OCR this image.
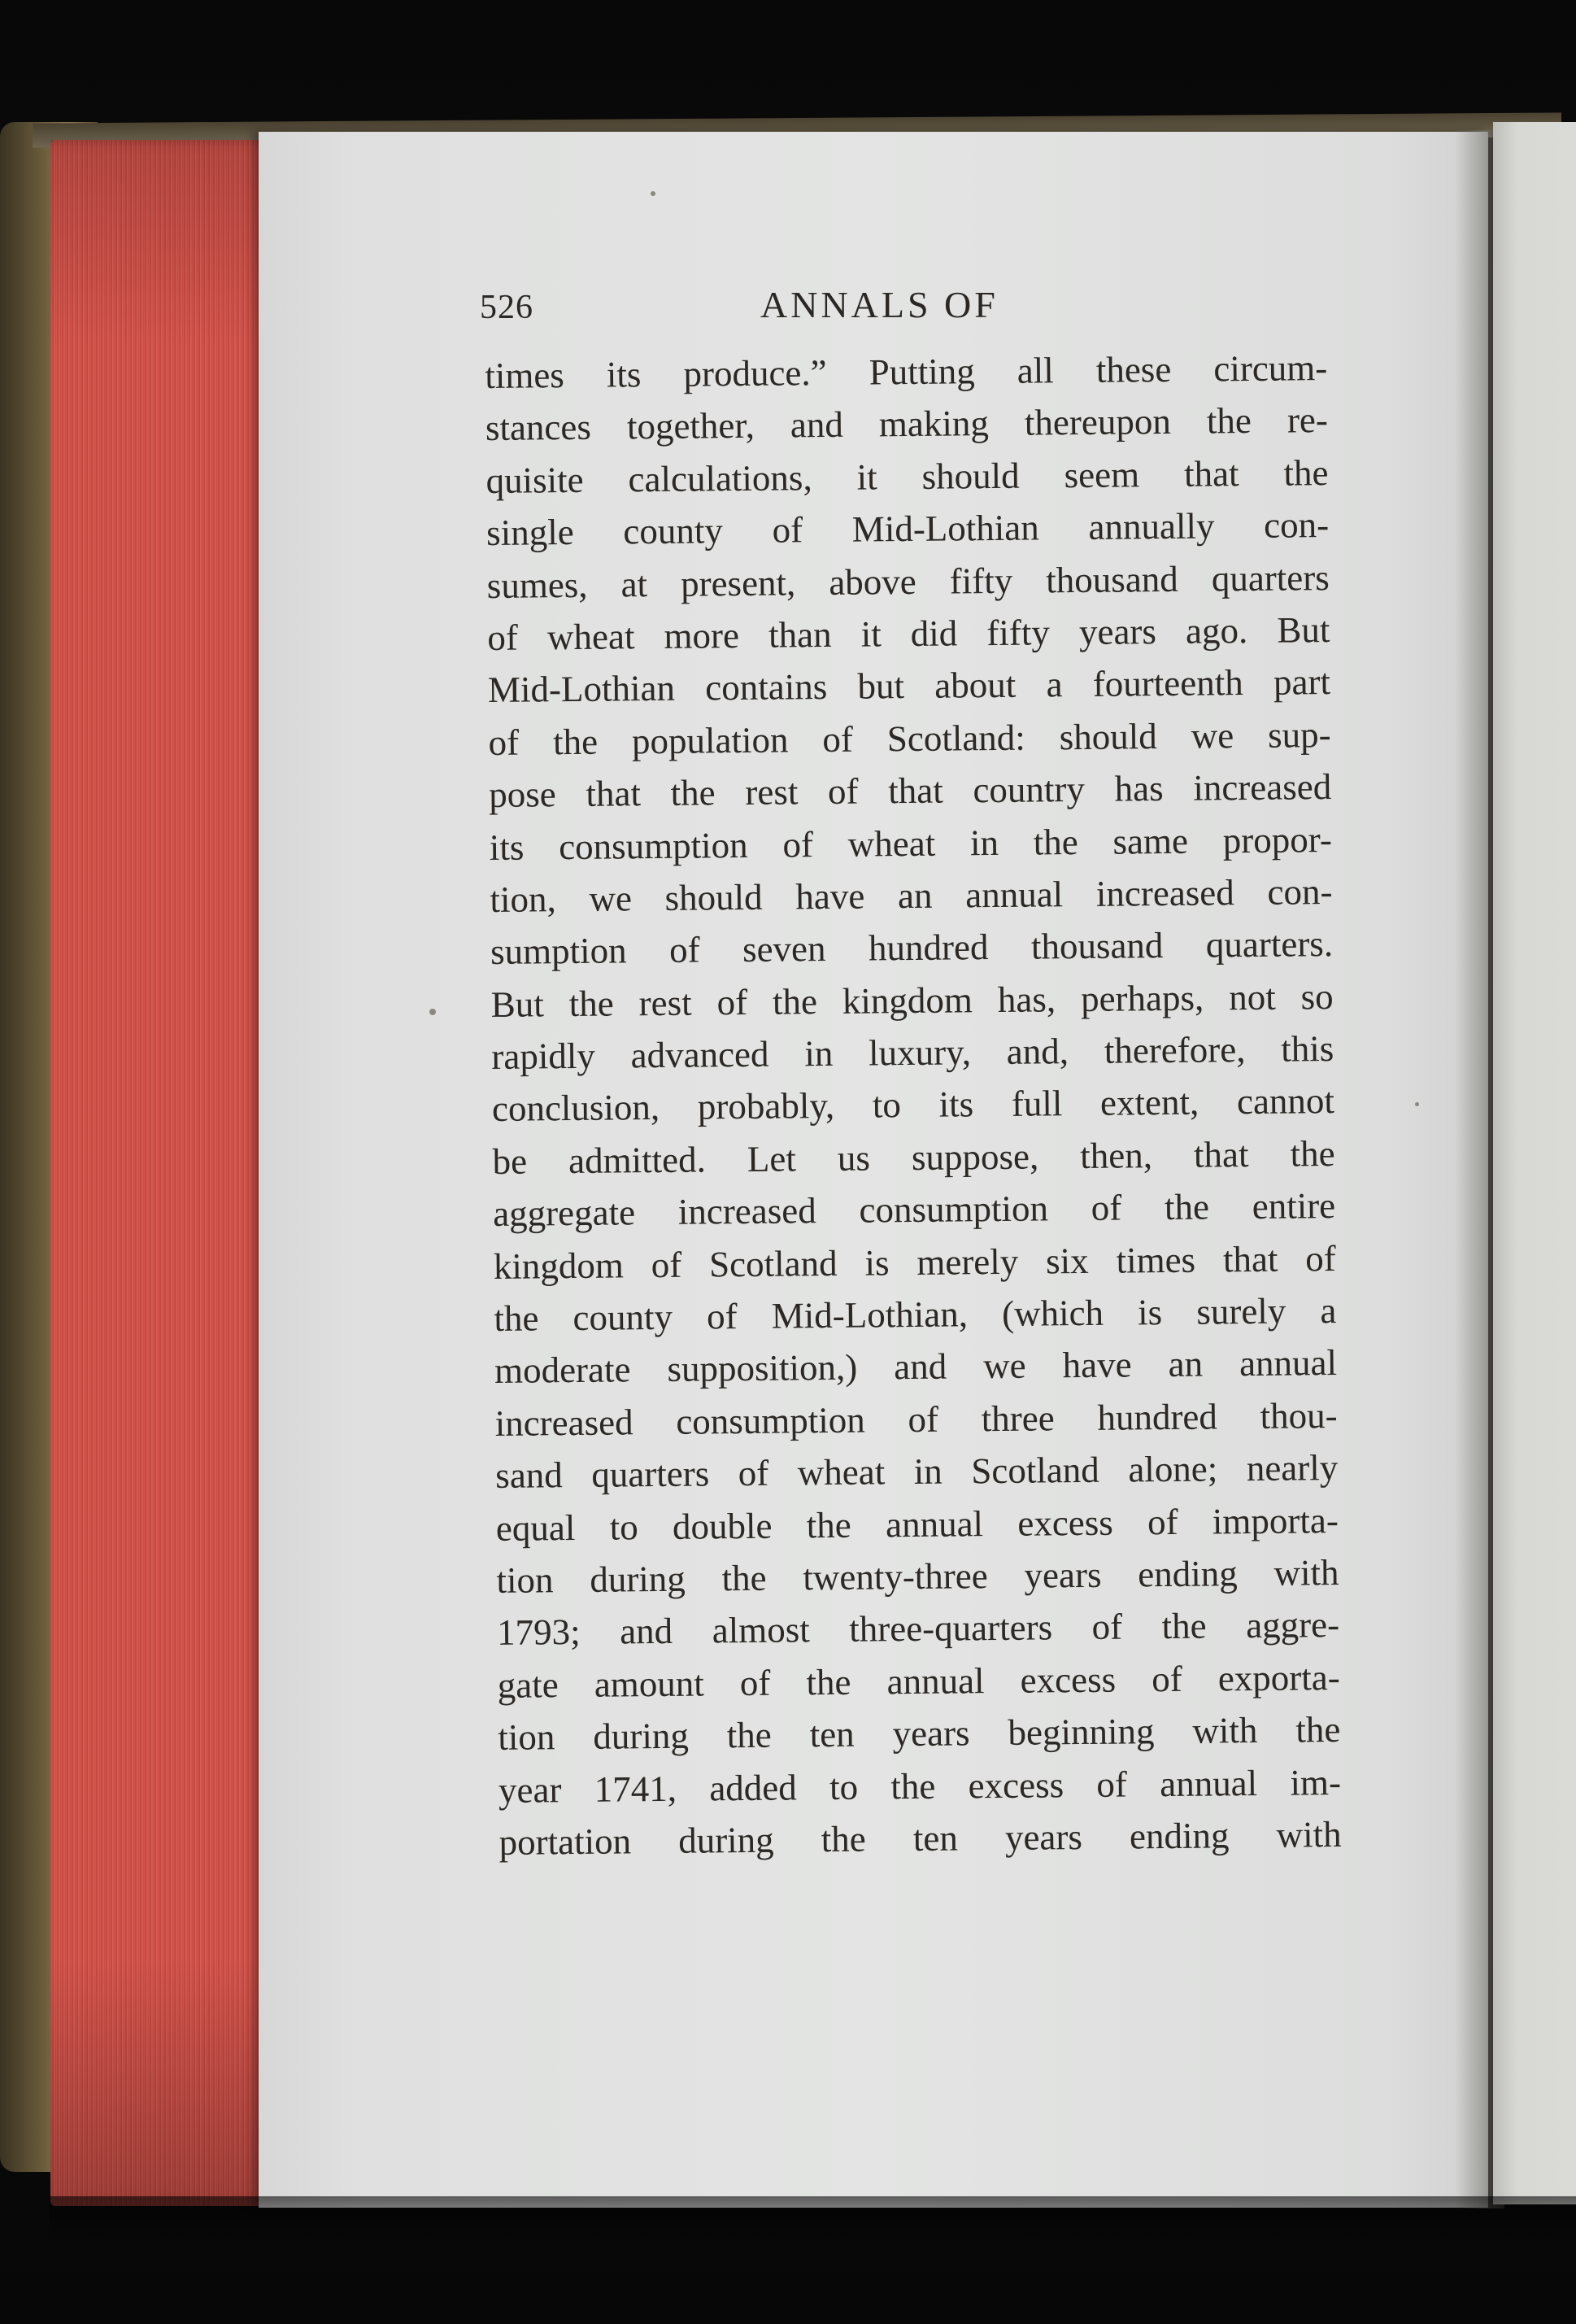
526	ANNALS OF
times its produce.” Putting all these circum-
stances together, and making thereupon the re-
quisite calculations, it should seem that the
single county of Mid-Lothian annually con-
sumes, at present, above fifty thousand quarters
of wheat more than it did fifty years ago. But
Mid-Lothian contains but about a fourteenth part
of the population of Scotland: should we sup-
pose that the rest of that country has increased
its consumption of wheat in the same propor-
tion, we should have an annual increased con-
sumption of seven hundred thousand quarters.
But the rest of the kingdom has, perhaps, not so
rapidly advanced in luxury, and, therefore, this
conclusion, probably, to its full extent, cannot
be admitted. Let us suppose, then, that the
aggregate increased consumption of the entire
kingdom of Scotland is merely six times that of
the county of Mid-Lothian, (which is surely a
moderate supposition,) and we have an annual
increased consumption of three hundred thou-
sand quarters of wheat in Scotland alone; nearly
equal to double the annual excess of importa-
tion during the twenty-three years ending with
1793; and almost three-quarters of the aggre-
gate amount of the annual excess of exporta-
tion during the ten years beginning with the
year 1741, added to the excess of annual im-
portation during the ten years ending with
